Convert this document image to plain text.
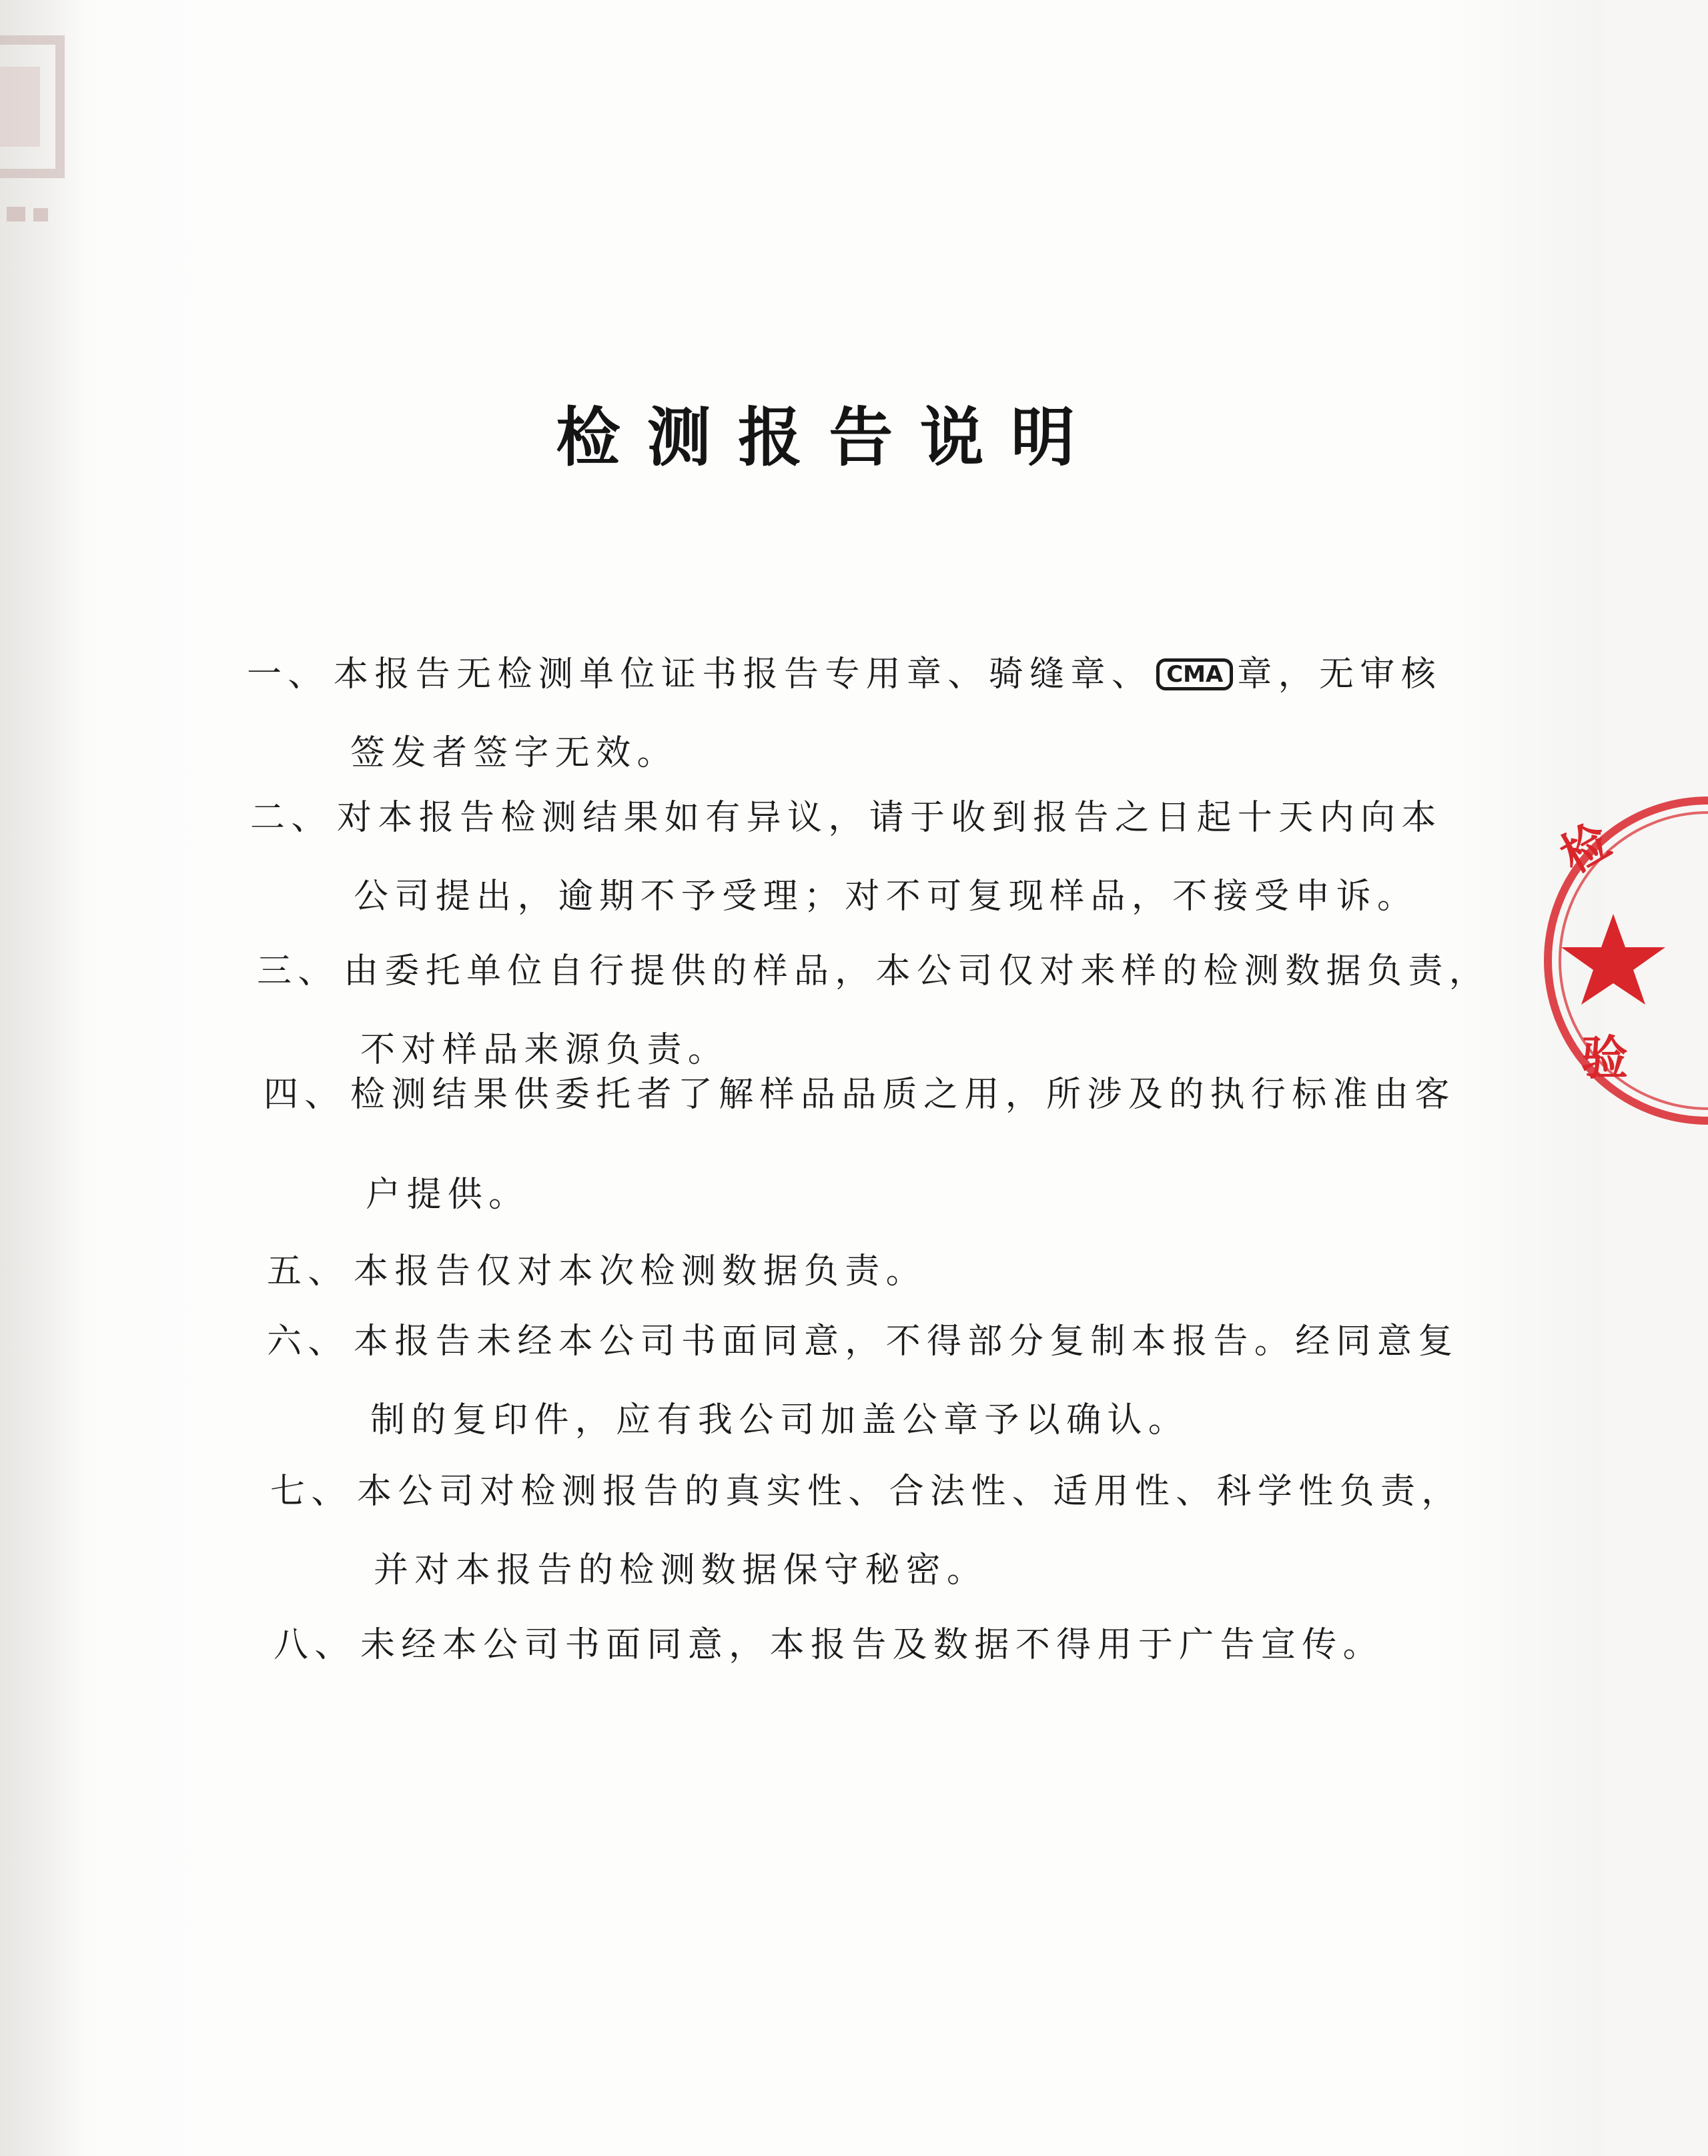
检测报告说明
一、 本报告无检测单位证书报告专用章、骑缝章、 CMA 章，无审核
签发者签字无效。
二、 对本报告检测结果如有异议，请于收到报告之日起十天内向本
公司提出，逾期不予受理；对不可复现样品，不接受申诉。
三、 由委托单位自行提供的样品，本公司仅对来样的检测数据负责，
不对样品来源负责。
四、 检测结果供委托者了解样品品质之用，所涉及的执行标准由客
户提供。
五、 本报告仅对本次检测数据负责。
六、 本报告未经本公司书面同意，不得部分复制本报告。经同意复
制的复印件，应有我公司加盖公章予以确认。
七、 本公司对检测报告的真实性、合法性、适用性、科学性负责，
并对本报告的检测数据保守秘密。
八、 未经本公司书面同意，本报告及数据不得用于广告宣传。
检
验
